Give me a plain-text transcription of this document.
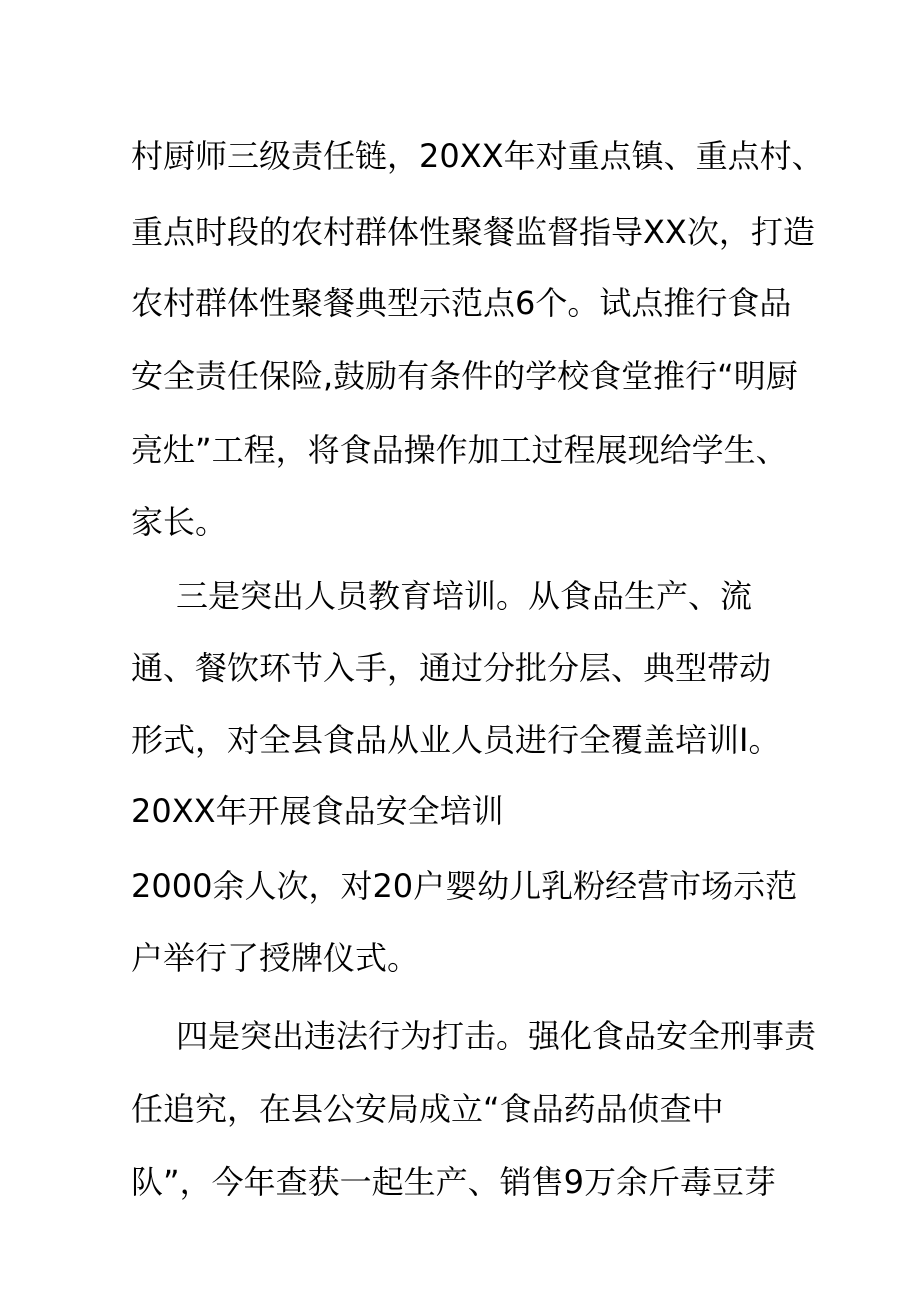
村厨师三级责任链，20XX年对重点镇、重点村、
重点时段的农村群体性聚餐监督指导XX次，打造
农村群体性聚餐典型示范点6个。试点推行食品
安全责任保险,鼓励有条件的学校食堂推行“明厨
亮灶”工程，将食品操作加工过程展现给学生、
家长。
三是突出人员教育培训。从食品生产、流
通、餐饮环节入手，通过分批分层、典型带动
形式，对全县食品从业人员进行全覆盖培训I。
20XX年开展食品安全培训
2000余人次，对20户婴幼儿乳粉经营市场示范
户举行了授牌仪式。
四是突出违法行为打击。强化食品安全刑事责
任追究，在县公安局成立“食品药品侦查中
队”，今年查获一起生产、销售9万余斤毒豆芽
